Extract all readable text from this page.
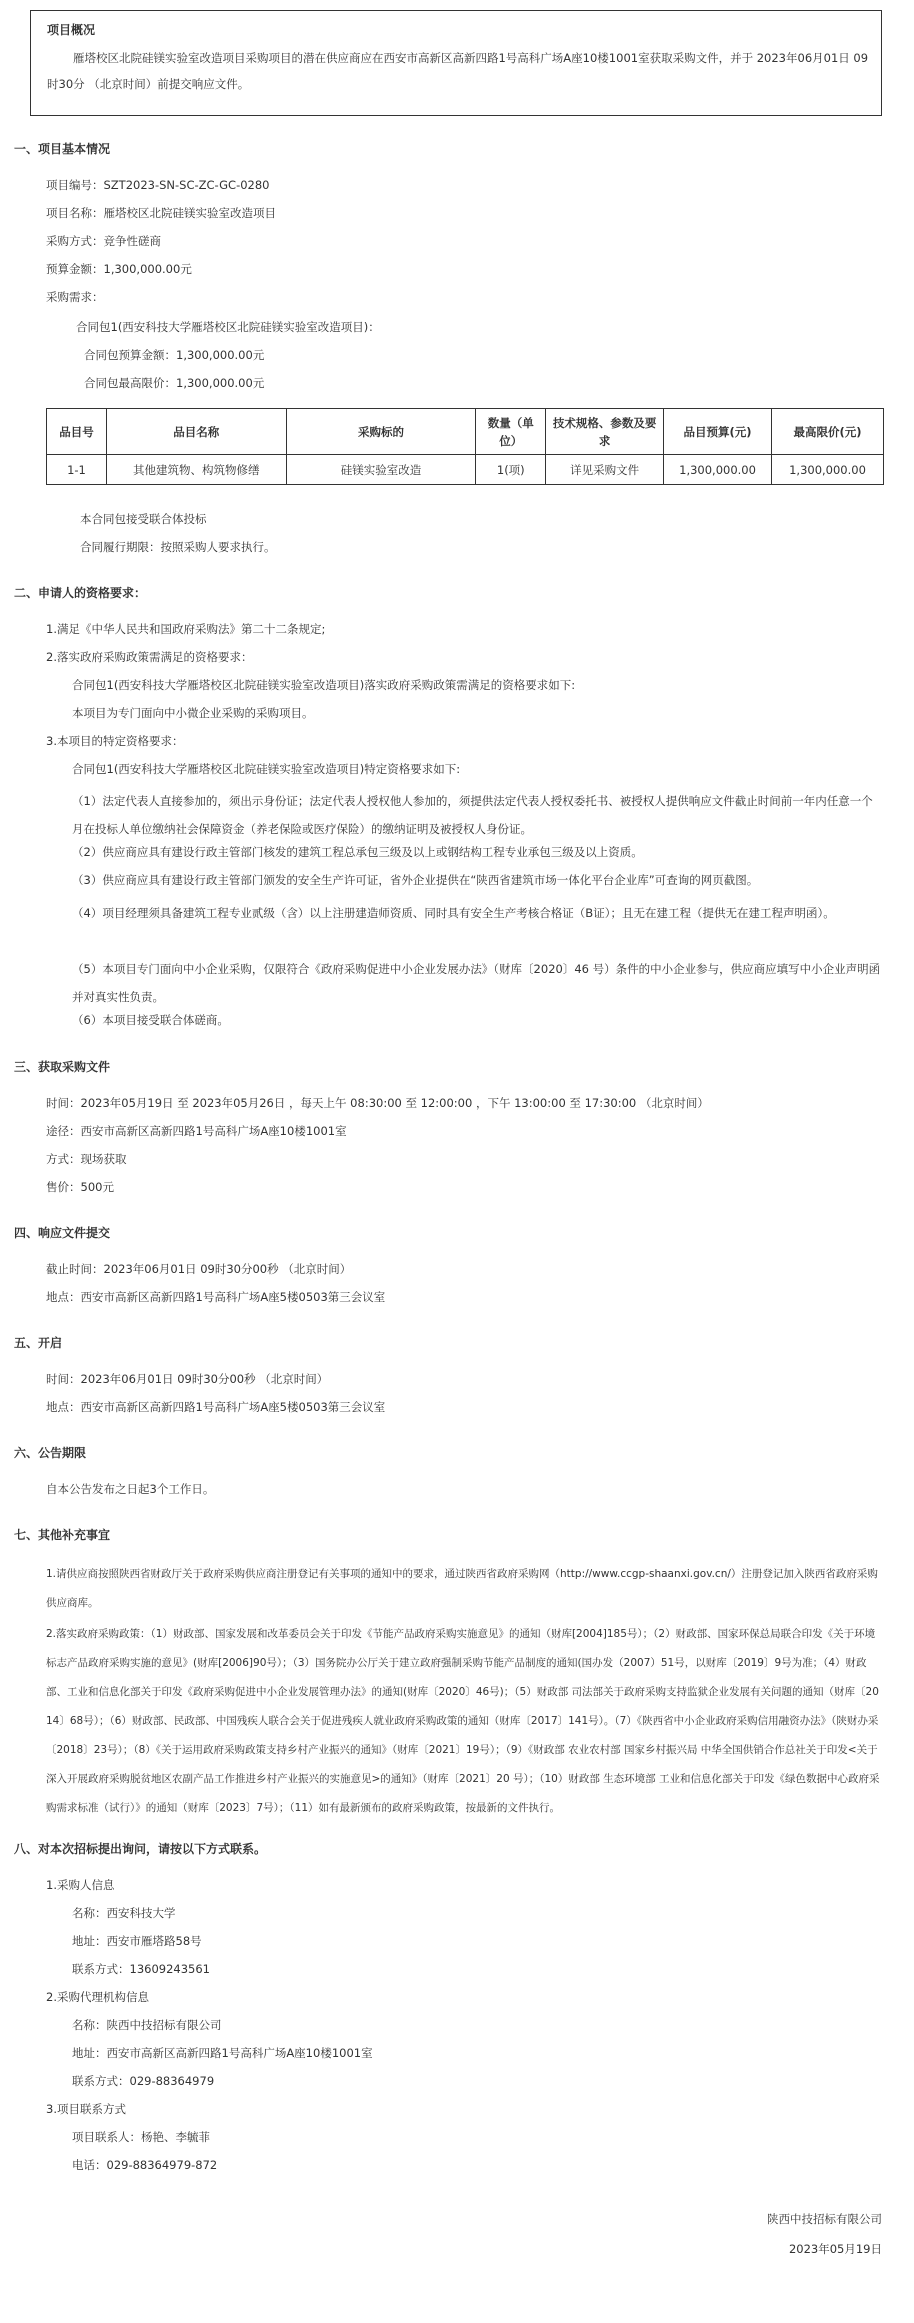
项目概况
雁塔校区北院硅镁实验室改造项目采购项目的潜在供应商应在西安市高新区高新四路1号高科广场A座10楼1001室获取采购文件，并于 2023年06月01日 09时30分 （北京时间）前提交响应文件。
一、项目基本情况
项目编号：SZT2023-SN-SC-ZC-GC-0280
项目名称：雁塔校区北院硅镁实验室改造项目
采购方式：竞争性磋商
预算金额：1,300,000.00元
采购需求：
合同包1(西安科技大学雁塔校区北院硅镁实验室改造项目)：
合同包预算金额：1,300,000.00元
合同包最高限价：1,300,000.00元
品目号	品目名称	采购标的	数量（单位）	技术规格、参数及要求	品目预算(元)	最高限价(元)
1-1	其他建筑物、构筑物修缮	硅镁实验室改造	1(项)	详见采购文件	1,300,000.00	1,300,000.00
本合同包接受联合体投标
合同履行期限：按照采购人要求执行。
二、申请人的资格要求：
1.满足《中华人民共和国政府采购法》第二十二条规定;
2.落实政府采购政策需满足的资格要求：
合同包1(西安科技大学雁塔校区北院硅镁实验室改造项目)落实政府采购政策需满足的资格要求如下:
本项目为专门面向中小微企业采购的采购项目。
3.本项目的特定资格要求：
合同包1(西安科技大学雁塔校区北院硅镁实验室改造项目)特定资格要求如下:
（1）法定代表人直接参加的，须出示身份证；法定代表人授权他人参加的，须提供法定代表人授权委托书、被授权人提供响应文件截止时间前一年内任意一个月在投标人单位缴纳社会保障资金（养老保险或医疗保险）的缴纳证明及被授权人身份证。
（2）供应商应具有建设行政主管部门核发的建筑工程总承包三级及以上或钢结构工程专业承包三级及以上资质。
（3）供应商应具有建设行政主管部门颁发的安全生产许可证，省外企业提供在“陕西省建筑市场一体化平台企业库”可查询的网页截图。
（4）项目经理须具备建筑工程专业贰级（含）以上注册建造师资质、同时具有安全生产考核合格证（B证）；且无在建工程（提供无在建工程声明函）。
（5）本项目专门面向中小企业采购，仅限符合《政府采购促进中小企业发展办法》（财库〔2020〕46 号）条件的中小企业参与，供应商应填写中小企业声明函并对真实性负责。
（6）本项目接受联合体磋商。
三、获取采购文件
时间：2023年05月19日 至 2023年05月26日 ，每天上午 08:30:00 至 12:00:00 ，下午 13:00:00 至 17:30:00 （北京时间）
途径：西安市高新区高新四路1号高科广场A座10楼1001室
方式：现场获取
售价：500元
四、响应文件提交
截止时间：2023年06月01日 09时30分00秒 （北京时间）
地点：西安市高新区高新四路1号高科广场A座5楼0503第三会议室
五、开启
时间：2023年06月01日 09时30分00秒 （北京时间）
地点：西安市高新区高新四路1号高科广场A座5楼0503第三会议室
六、公告期限
自本公告发布之日起3个工作日。
七、其他补充事宜
1.请供应商按照陕西省财政厅关于政府采购供应商注册登记有关事项的通知中的要求，通过陕西省政府采购网（http://www.ccgp-shaanxi.gov.cn/）注册登记加入陕西省政府采购供应商库。
2.落实政府采购政策：（1）财政部、国家发展和改革委员会关于印发《节能产品政府采购实施意见》的通知（财库[2004]185号）；（2）财政部、国家环保总局联合印发《关于环境标志产品政府采购实施的意见》(财库[2006]90号）；（3）国务院办公厅关于建立政府强制采购节能产品制度的通知(国办发（2007）51号，以财库〔2019〕9号为准；（4）财政部、工业和信息化部关于印发《政府采购促进中小企业发展管理办法》的通知(财库〔2020〕46号)；（5）财政部 司法部关于政府采购支持监狱企业发展有关问题的通知（财库〔2014〕68号）；（6）财政部、民政部、中国残疾人联合会关于促进残疾人就业政府采购政策的通知（财库〔2017〕141号）。（7）《陕西省中小企业政府采购信用融资办法》（陕财办采〔2018〕23号）；（8）《关于运用政府采购政策支持乡村产业振兴的通知》（财库〔2021〕19号）；（9）《财政部 农业农村部 国家乡村振兴局 中华全国供销合作总社关于印发<关于深入开展政府采购脱贫地区农副产品工作推进乡村产业振兴的实施意见>的通知》（财库〔2021〕20 号）；（10）财政部 生态环境部 工业和信息化部关于印发《绿色数据中心政府采购需求标准（试行）》的通知（财库〔2023〕7号）；（11）如有最新颁布的政府采购政策，按最新的文件执行。
八、对本次招标提出询问，请按以下方式联系。
1.采购人信息
名称：西安科技大学
地址：西安市雁塔路58号
联系方式：13609243561
2.采购代理机构信息
名称：陕西中技招标有限公司
地址：西安市高新区高新四路1号高科广场A座10楼1001室
联系方式：029-88364979
3.项目联系方式
项目联系人：杨艳、李毓菲
电话：029-88364979-872
陕西中技招标有限公司
2023年05月19日
